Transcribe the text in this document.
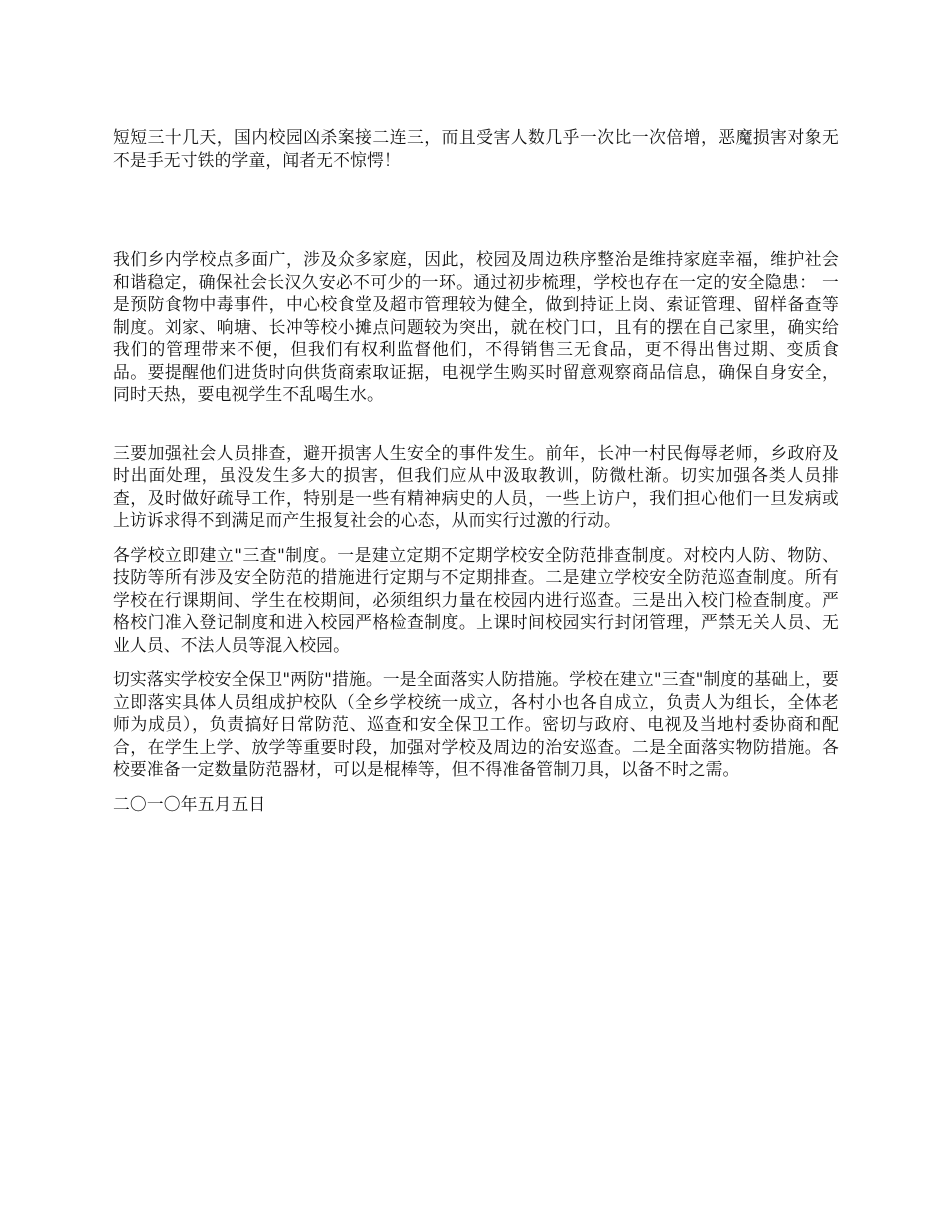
短短三十几天，国内校园凶杀案接二连三，而且受害人数几乎一次比一次倍增，恶魔损害对象无不是手无寸铁的学童，闻者无不惊愕！

我们乡内学校点多面广，涉及众多家庭，因此，校园及周边秩序整治是维持家庭幸福，维护社会和谐稳定，确保社会长汉久安必不可少的一环。通过初步梳理，学校也存在一定的安全隐患： 一是预防食物中毒事件，中心校食堂及超市管理较为健全，做到持证上岗、索证管理、留样备查等制度。刘家、响塘、长冲等校小摊点问题较为突出，就在校门口，且有的摆在自己家里，确实给我们的管理带来不便，但我们有权利监督他们，不得销售三无食品，更不得出售过期、变质食品。要提醒他们进货时向供货商索取证据，电视学生购买时留意观察商品信息，确保自身安全，同时天热，要电视学生不乱喝生水。

三要加强社会人员排查，避开损害人生安全的事件发生。前年，长冲一村民侮辱老师，乡政府及时出面处理，虽没发生多大的损害，但我们应从中汲取教训，防微杜渐。切实加强各类人员排查，及时做好疏导工作，特别是一些有精神病史的人员，一些上访户，我们担心他们一旦发病或上访诉求得不到满足而产生报复社会的心态，从而实行过激的行动。

各学校立即建立"三查"制度。一是建立定期不定期学校安全防范排查制度。对校内人防、物防、技防等所有涉及安全防范的措施进行定期与不定期排查。二是建立学校安全防范巡查制度。所有学校在行课期间、学生在校期间，必须组织力量在校园内进行巡查。三是出入校门检查制度。严格校门准入登记制度和进入校园严格检查制度。上课时间校园实行封闭管理，严禁无关人员、无业人员、不法人员等混入校园。

切实落实学校安全保卫"两防"措施。一是全面落实人防措施。学校在建立"三查"制度的基础上，要立即落实具体人员组成护校队（全乡学校统一成立，各村小也各自成立，负责人为组长，全体老师为成员），负责搞好日常防范、巡查和安全保卫工作。密切与政府、电视及当地村委协商和配合，在学生上学、放学等重要时段，加强对学校及周边的治安巡查。二是全面落实物防措施。各校要准备一定数量防范器材，可以是棍棒等，但不得准备管制刀具，以备不时之需。

二〇一〇年五月五日
